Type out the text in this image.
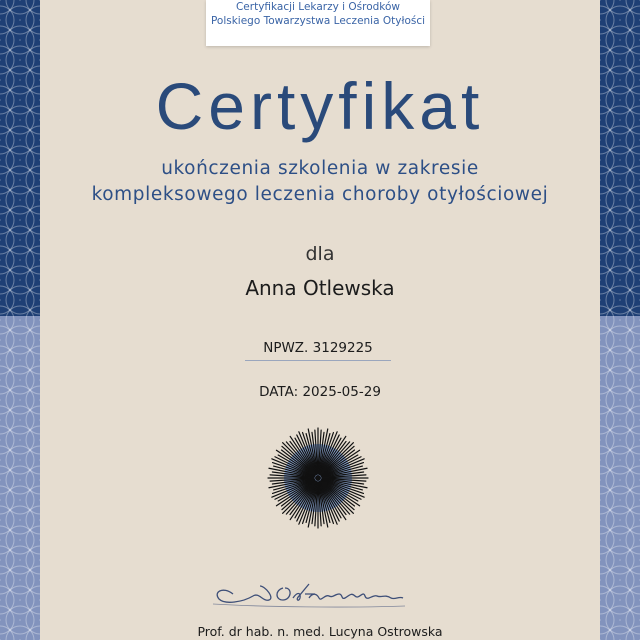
Certyfikacji Lekarzy i Ośrodków
Polskiego Towarzystwa Leczenia Otyłości
Certyfikat
ukończenia szkolenia w zakresie
kompleksowego leczenia choroby otyłościowej
dla
Anna Otlewska
NPWZ. 3129225
DATA: 2025-05-29
Prof. dr hab. n. med. Lucyna Ostrowska
